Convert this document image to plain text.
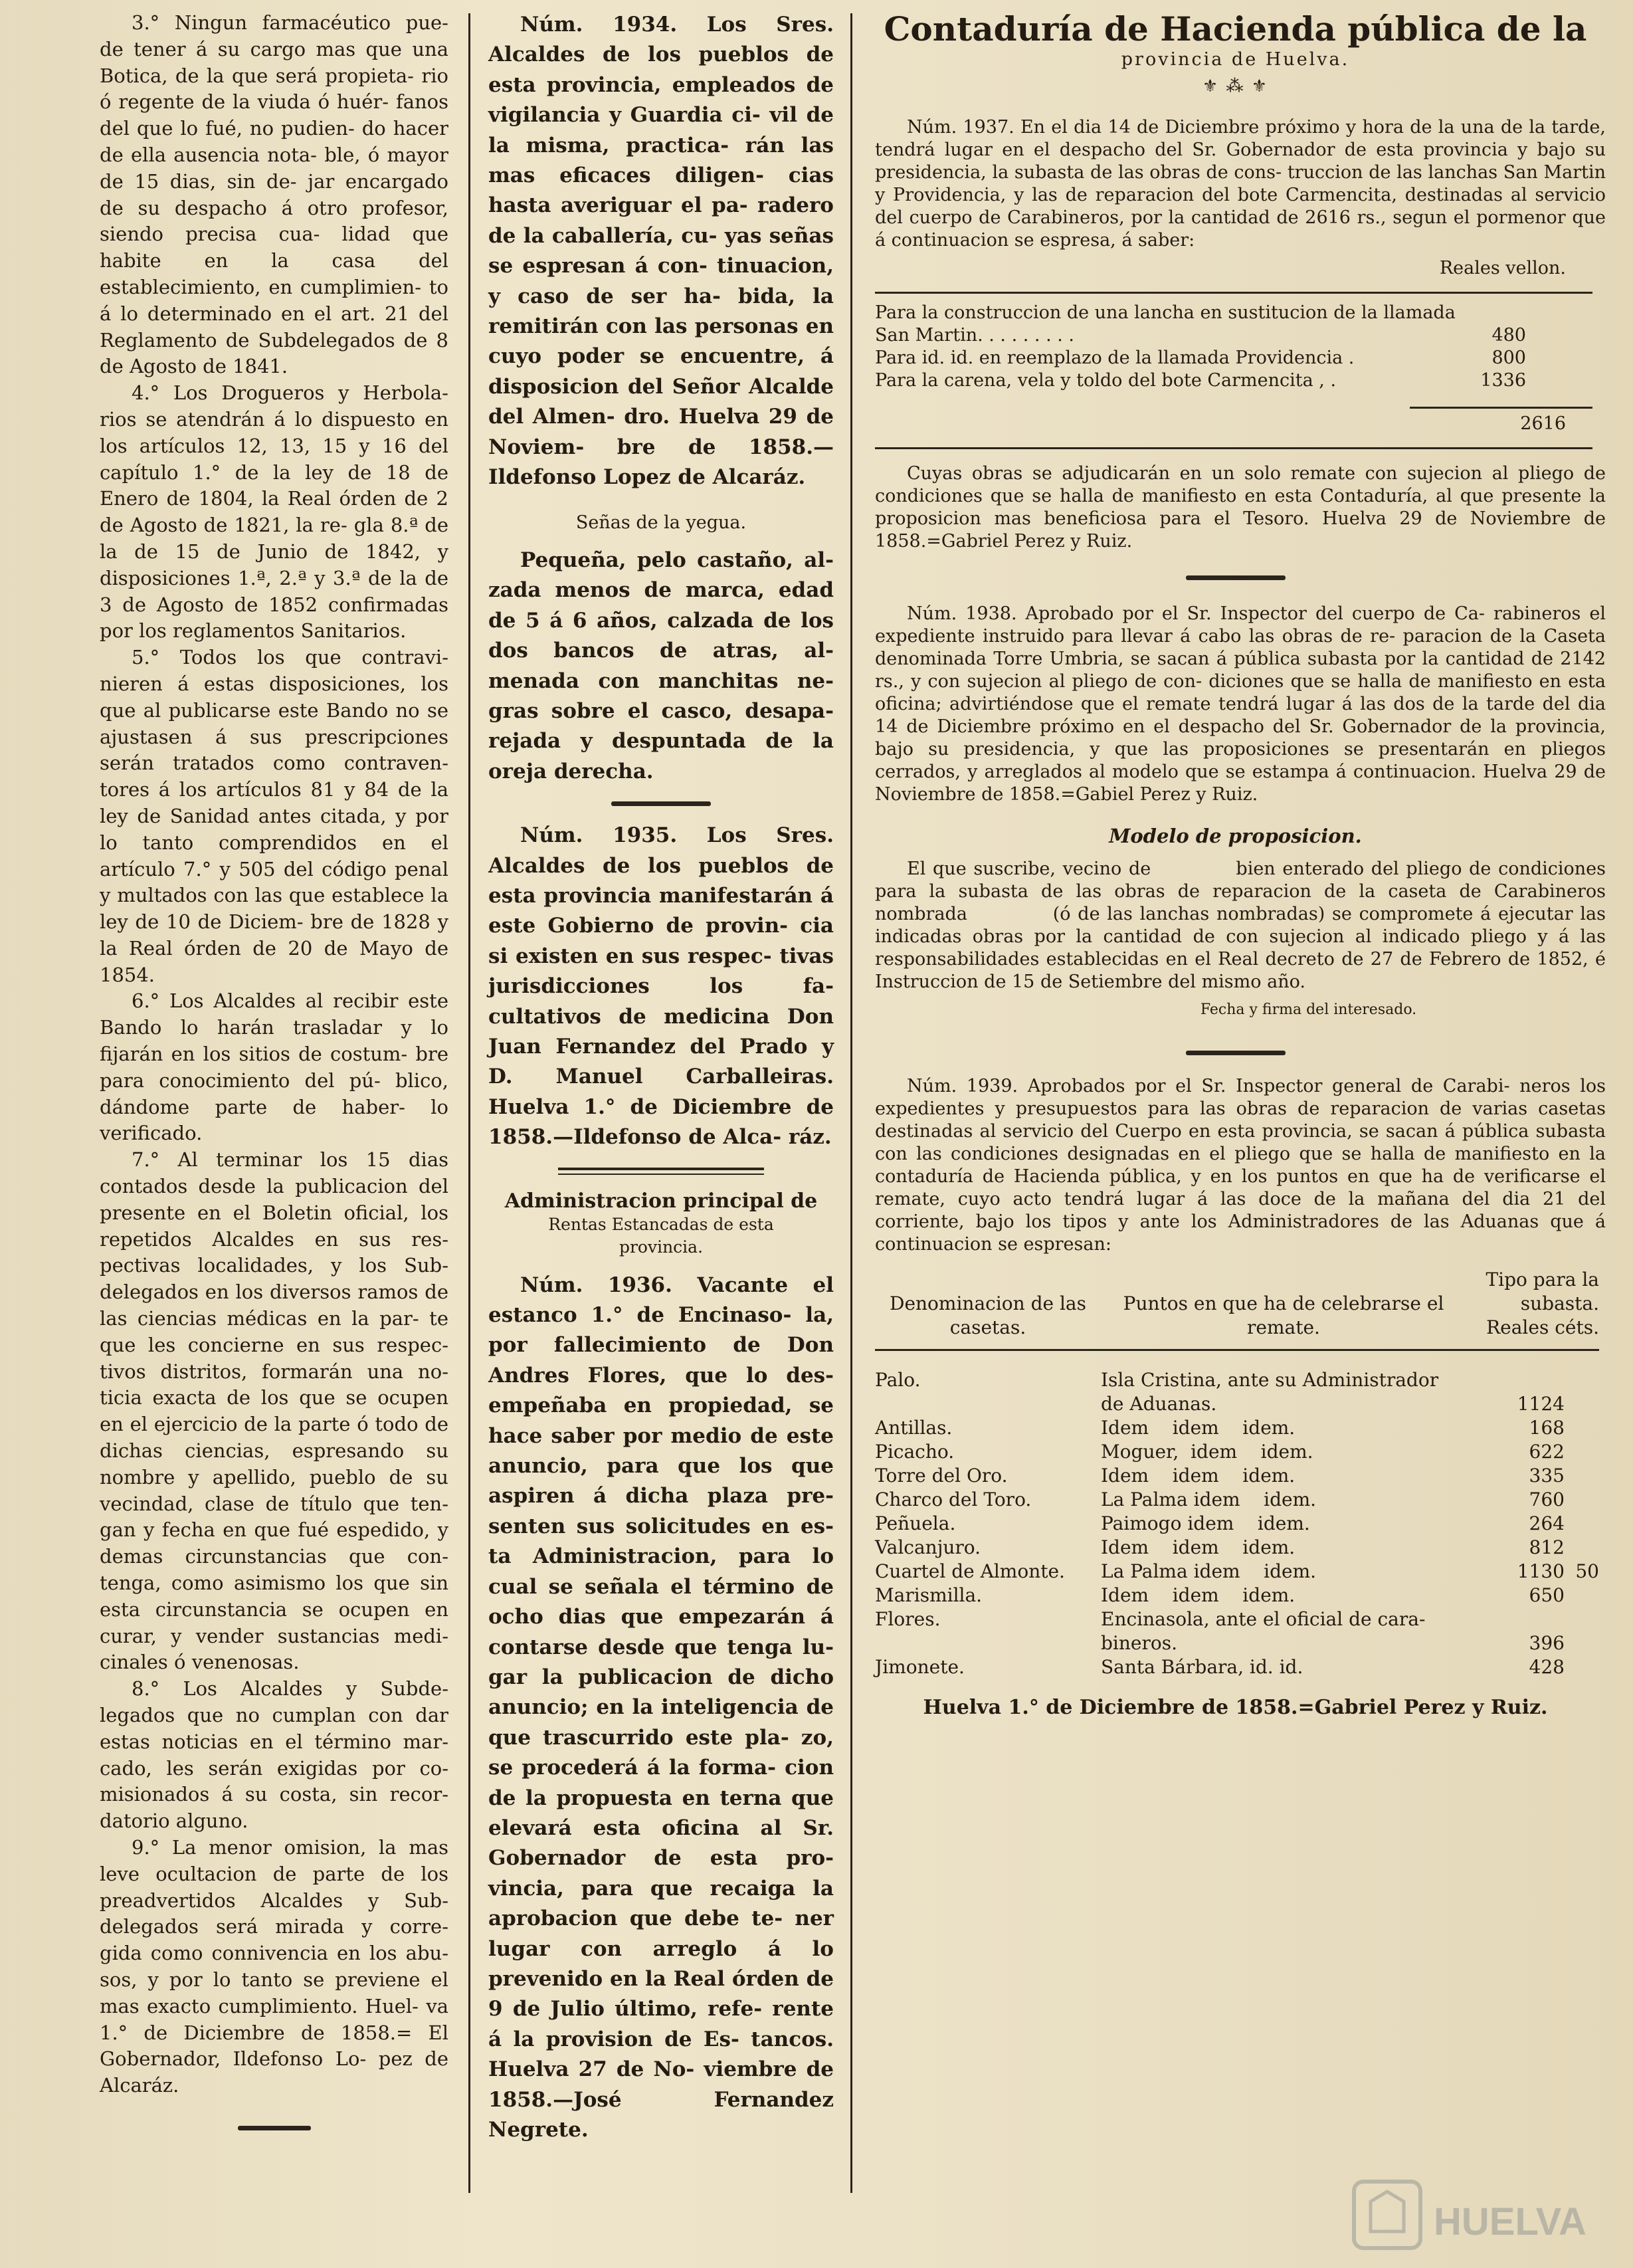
3.° Ningun farmacéutico pue- de tener á su cargo mas que una Botica, de la que será propieta- rio ó regente de la viuda ó huér- fanos del que lo fué, no pudien- do hacer de ella ausencia nota- ble, ó mayor de 15 dias, sin de- jar encargado de su despacho á otro profesor, siendo precisa cua- lidad que habite en la casa del establecimiento, en cumplimien- to á lo determinado en el art. 21 del Reglamento de Subdelegados de 8 de Agosto de 1841.

4.° Los Drogueros y Herbola- rios se atendrán á lo dispuesto en los artículos 12, 13, 15 y 16 del capítulo 1.° de la ley de 18 de Enero de 1804, la Real órden de 2 de Agosto de 1821, la re- gla 8.ª de la de 15 de Junio de 1842, y disposiciones 1.ª, 2.ª y 3.ª de la de 3 de Agosto de 1852 confirmadas por los reglamentos Sanitarios.

5.° Todos los que contravi- nieren á estas disposiciones, los que al publicarse este Bando no se ajustasen á sus prescripciones serán tratados como contraven- tores á los artículos 81 y 84 de la ley de Sanidad antes citada, y por lo tanto comprendidos en el artículo 7.° y 505 del código penal y multados con las que establece la ley de 10 de Diciem- bre de 1828 y la Real órden de 20 de Mayo de 1854.

6.° Los Alcaldes al recibir este Bando lo harán trasladar y lo fijarán en los sitios de costum- bre para conocimiento del pú- blico, dándome parte de haber- lo verificado.

7.° Al terminar los 15 dias contados desde la publicacion del presente en el Boletin oficial, los repetidos Alcaldes en sus res- pectivas localidades, y los Sub- delegados en los diversos ramos de las ciencias médicas en la par- te que les concierne en sus respec- tivos distritos, formarán una no- ticia exacta de los que se ocupen en el ejercicio de la parte ó todo de dichas ciencias, espresando su nombre y apellido, pueblo de su vecindad, clase de título que ten- gan y fecha en que fué espedido, y demas circunstancias que con- tenga, como asimismo los que sin esta circunstancia se ocupen en curar, y vender sustancias medi- cinales ó venenosas.

8.° Los Alcaldes y Subde- legados que no cumplan con dar estas noticias en el término mar- cado, les serán exigidas por co- misionados á su costa, sin recor- datorio alguno.

9.° La menor omision, la mas leve ocultacion de parte de los preadvertidos Alcaldes y Sub- delegados será mirada y corre- gida como connivencia en los abu- sos, y por lo tanto se previene el mas exacto cumplimiento. Huel- va 1.° de Diciembre de 1858.= El Gobernador, Ildefonso Lo- pez de Alcaráz.

Núm. 1934. Los Sres. Alcaldes de los pueblos de esta provincia, empleados de vigilancia y Guardia ci- vil de la misma, practica- rán las mas eficaces diligen- cias hasta averiguar el pa- radero de la caballería, cu- yas señas se espresan á con- tinuacion, y caso de ser ha- bida, la remitirán con las personas en cuyo poder se encuentre, á disposicion del Señor Alcalde del Almen- dro. Huelva 29 de Noviem- bre de 1858.—Ildefonso Lopez de Alcaráz.

Señas de la yegua.

Pequeña, pelo castaño, al- zada menos de marca, edad de 5 á 6 años, calzada de los dos bancos de atras, al- menada con manchitas ne- gras sobre el casco, desapa- rejada y despuntada de la oreja derecha.

Núm. 1935. Los Sres. Alcaldes de los pueblos de esta provincia manifestarán á este Gobierno de provin- cia si existen en sus respec- tivas jurisdicciones los fa- cultativos de medicina Don Juan Fernandez del Prado y D. Manuel Carballeiras. Huelva 1.° de Diciembre de 1858.—Ildefonso de Alca- ráz.

Administracion principal de

Rentas Estancadas de esta provincia.

Núm. 1936. Vacante el estanco 1.° de Encinaso- la, por fallecimiento de Don Andres Flores, que lo des- empeñaba en propiedad, se hace saber por medio de este anuncio, para que los que aspiren á dicha plaza pre- senten sus solicitudes en es- ta Administracion, para lo cual se señala el término de ocho dias que empezarán á contarse desde que tenga lu- gar la publicacion de dicho anuncio; en la inteligencia de que trascurrido este pla- zo, se procederá á la forma- cion de la propuesta en terna que elevará esta oficina al Sr. Gobernador de esta pro- vincia, para que recaiga la aprobacion que debe te- ner lugar con arreglo á lo prevenido en la Real órden de 9 de Julio último, refe- rente á la provision de Es- tancos. Huelva 27 de No- viembre de 1858.—José Fernandez Negrete.

Contaduría de Hacienda pública de la
provincia de Huelva.
⚜ ⁂ ⚜

Núm. 1937. En el dia 14 de Diciembre próximo y hora de la una de la tarde, tendrá lugar en el despacho del Sr. Gobernador de esta provincia y bajo su presidencia, la subasta de las obras de cons- truccion de las lanchas San Martin y Providencia, y las de reparacion del bote Carmencita, destinadas al servicio del cuerpo de Carabineros, por la cantidad de 2616 rs., segun el pormenor que á continuacion se espresa, á saber:

Reales vellon.
Para la construccion de una lancha en sustitucion de la llamada San Martin. . . . . . . . .	480
Para id. id. en reemplazo de la llamada Providencia .	800
Para la carena, vela y toldo del bote Carmencita , .	1336
2616

Cuyas obras se adjudicarán en un solo remate con sujecion al pliego de condiciones que se halla de manifiesto en esta Contaduría, al que presente la proposicion mas beneficiosa para el Tesoro. Huelva 29 de Noviembre de 1858.=Gabriel Perez y Ruiz.

Núm. 1938. Aprobado por el Sr. Inspector del cuerpo de Ca- rabineros el expediente instruido para llevar á cabo las obras de re- paracion de la Caseta denominada Torre Umbria, se sacan á pública subasta por la cantidad de 2142 rs., y con sujecion al pliego de con- diciones que se halla de manifiesto en esta oficina; advirtiéndose que el remate tendrá lugar á las dos de la tarde del dia 14 de Diciembre próximo en el despacho del Sr. Gobernador de la provincia, bajo su presidencia, y que las proposiciones se presentarán en pliegos cerrados, y arreglados al modelo que se estampa á continuacion. Huelva 29 de Noviembre de 1858.=Gabiel Perez y Ruiz.

Modelo de proposicion.

El que suscribe, vecino de            bien enterado del pliego de condiciones para la subasta de las obras de reparacion de la caseta de Carabineros nombrada            (ó de las lanchas nombradas) se compromete á ejecutar las indicadas obras por la cantidad de con sujecion al indicado pliego y á las responsabilidades establecidas en el Real decreto de 27 de Febrero de 1852, é Instruccion de 15 de Setiembre del mismo año.

Fecha y firma del interesado.

Núm. 1939. Aprobados por el Sr. Inspector general de Carabi- neros los expedientes y presupuestos para las obras de reparacion de varias casetas destinadas al servicio del Cuerpo en esta provincia, se sacan á pública subasta con las condiciones designadas en el pliego que se halla de manifiesto en la contaduría de Hacienda pública, y en los puntos en que ha de verificarse el remate, cuyo acto tendrá lugar á las doce de la mañana del dia 21 del corriente, bajo los tipos y ante los Administradores de las Aduanas que á continuacion se espresan:

Denominacion de las casetas.	Puntos en que ha de celebrarse el remate.	Tipo para la subasta. Reales céts.

Palo.	Isla Cristina, ante su Administrador de Aduanas.	1124
Antillas.	Idem    idem    idem.	168
Picacho.	Moguer,  idem    idem.	622
Torre del Oro.	Idem    idem    idem.	335
Charco del Toro.	La Palma idem    idem.	760
Peñuela.	Paimogo idem    idem.	264
Valcanjuro.	Idem    idem    idem.	812
Cuartel de Almonte.	La Palma idem    idem.	1130 50
Marismilla.	Idem    idem    idem.	650
Flores.	Encinasola, ante el oficial de cara- bineros.	396
Jimonete.	Santa Bárbara, id. id.	428

Huelva 1.° de Diciembre de 1858.=Gabriel Perez y Ruiz.

HUELVA
